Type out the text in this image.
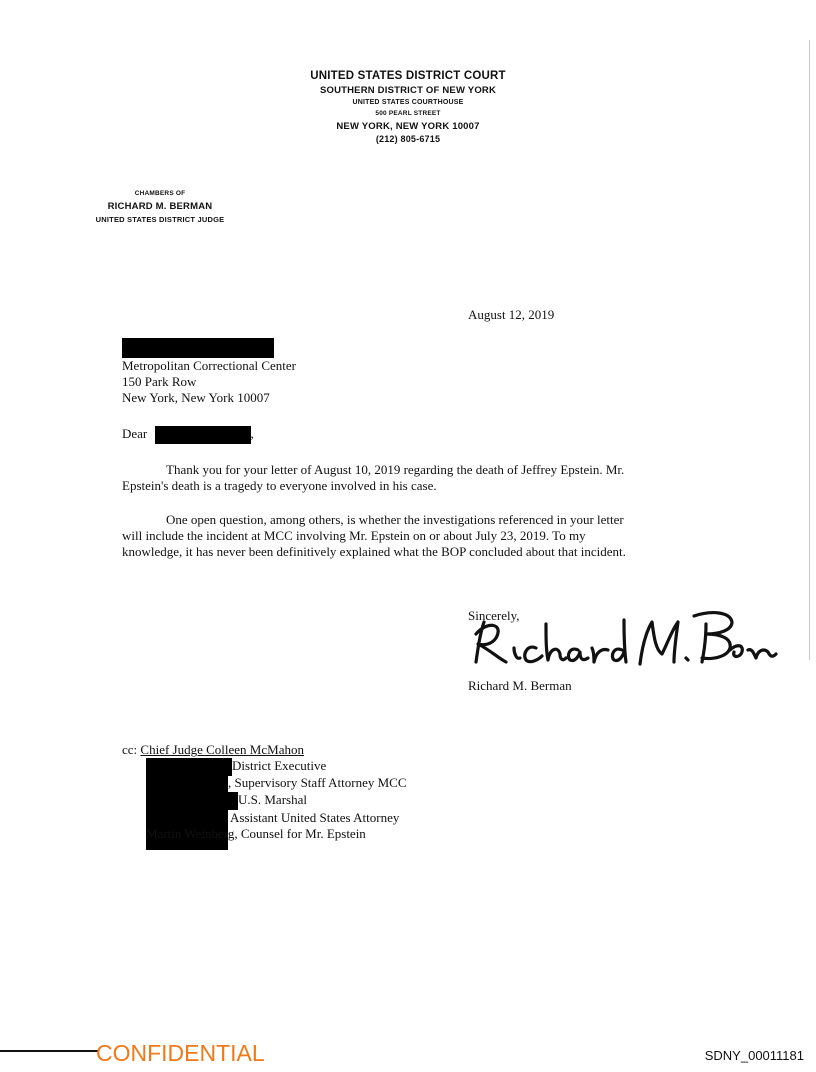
UNITED STATES DISTRICT COURT
SOUTHERN DISTRICT OF NEW YORK
UNITED STATES COURTHOUSE
500 PEARL STREET
NEW YORK, NEW YORK 10007
(212) 805-6715
CHAMBERS OF
RICHARD M. BERMAN
UNITED STATES DISTRICT JUDGE
August 12, 2019
Metropolitan Correctional Center
150 Park Row
New York, New York 10007
Dear	,
Thank you for your letter of August 10, 2019 regarding the death of Jeffrey Epstein. Mr.
Epstein's death is a tragedy to everyone involved in his case.
One open question, among others, is whether the investigations referenced in your letter
will include the incident at MCC involving Mr. Epstein on or about July 23, 2019. To my
knowledge, it has never been definitively explained what the BOP concluded about that incident.
Sincerely,
Richard M. Berman
cc: Chief Judge Colleen McMahon
District Executive
, Supervisory Staff Attorney MCC
U.S. Marshal
Assistant United States Attorney
Martin Weinberg, Counsel for Mr. Epstein
CONFIDENTIAL	SDNY_00011181
